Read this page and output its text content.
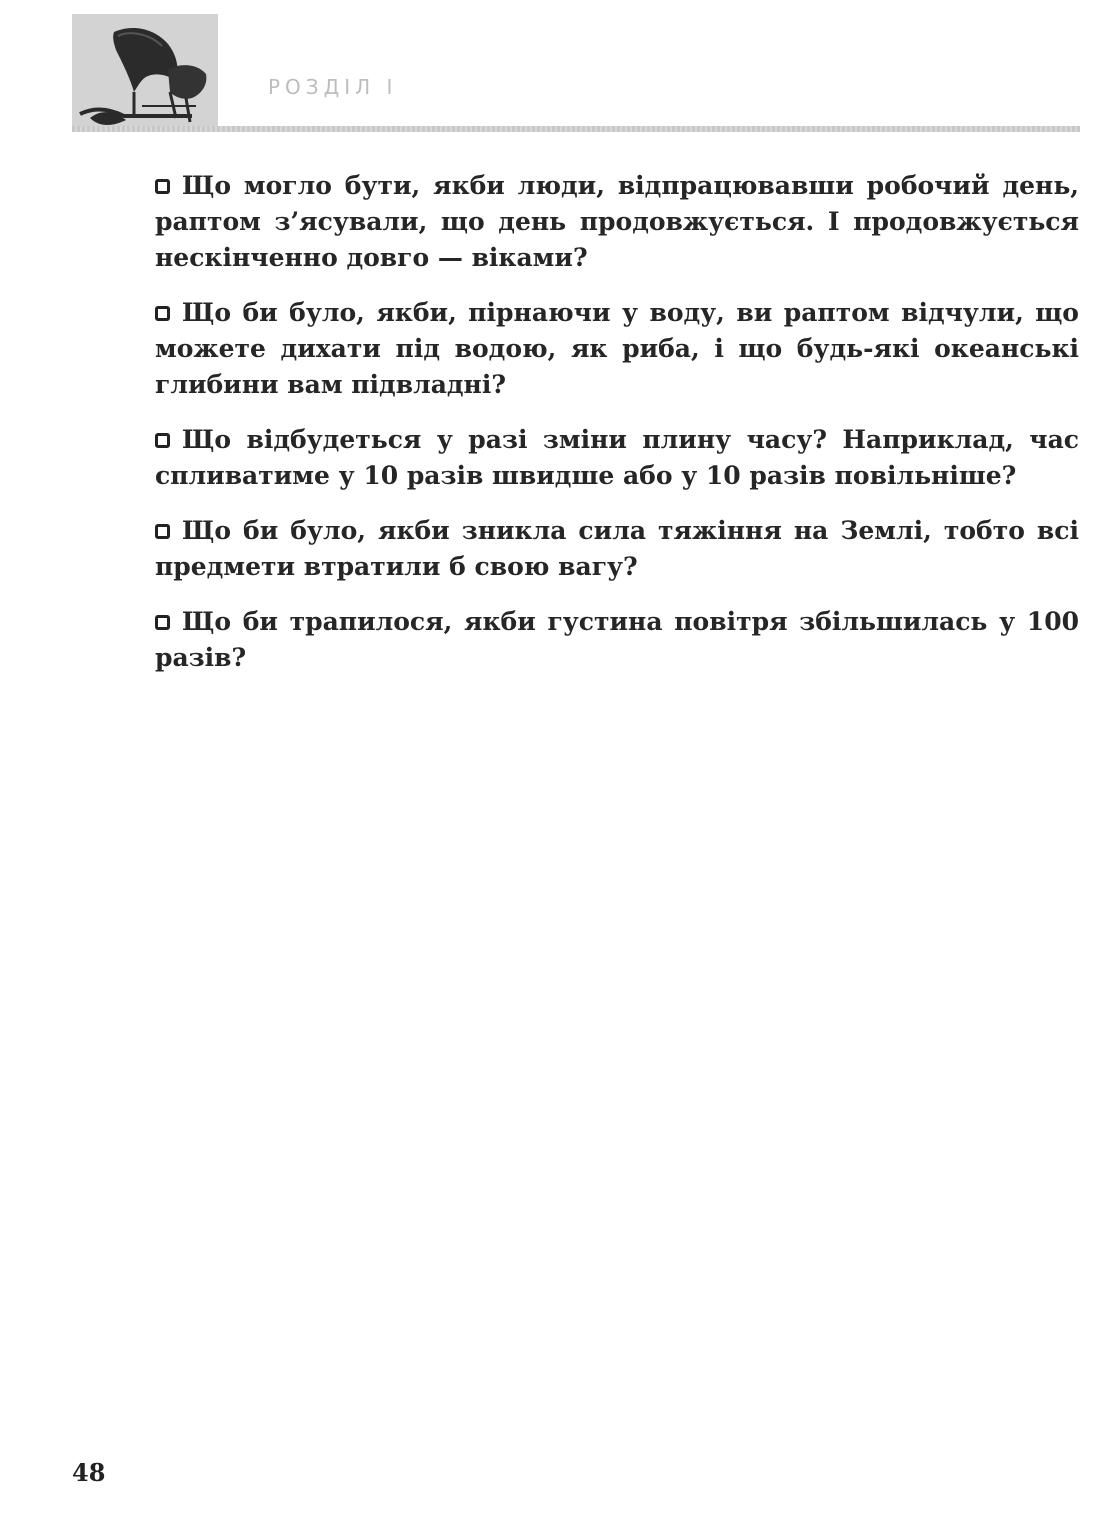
РОЗДІЛ І

Що могло бути, якби люди, відпрацювавши робочий день, раптом з’ясували, що день продовжується. І продовжується нескінченно довго — віками?

Що би було, якби, пірнаючи у воду, ви раптом відчули, що можете дихати під водою, як риба, і що будь-які океанські глибини вам підвладні?

Що відбудеться у разі зміни плину часу? Наприклад, час спливатиме у 10 разів швидше або у 10 разів повільніше?

Що би було, якби зникла сила тяжіння на Землі, тобто всі предмети втратили б свою вагу?

Що би трапилося, якби густина повітря збільшилась у 100 разів?

48
